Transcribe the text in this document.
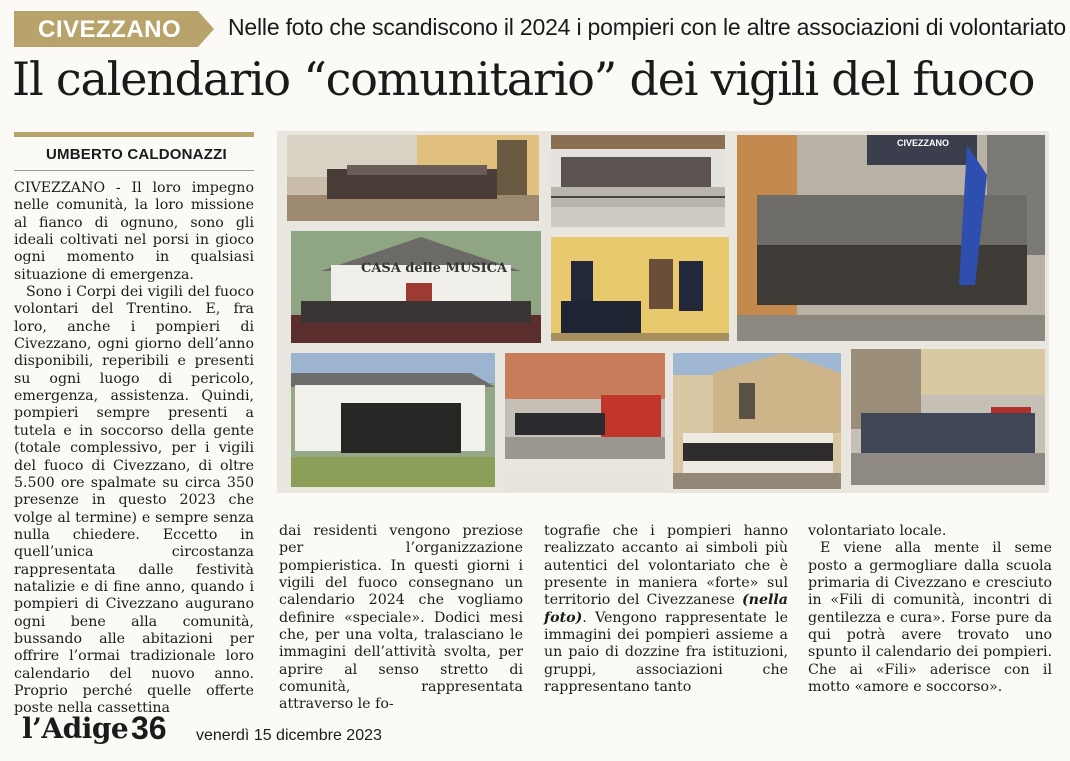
CIVEZZANO Nelle foto che scandiscono il 2024 i pompieri con le altre associazioni di volontariato
Il calendario “comunitario” dei vigili del fuoco
UMBERTO CALDONAZZI

CIVEZZANO - Il loro impegno nelle comunità, la loro missione al fianco di ognuno, sono gli ideali coltivati nel porsi in gioco ogni momento in qualsiasi situazione di emergenza.

Sono i Corpi dei vigili del fuoco volontari del Trentino. E, fra loro, anche i pompieri di Civezzano, ogni giorno dell’anno disponibili, reperibili e presenti su ogni luogo di pericolo, emergenza, assistenza. Quindi, pompieri sempre presenti a tutela e in soccorso della gente (totale complessivo, per i vigili del fuoco di Civezzano, di oltre 5.500 ore spalmate su circa 350 presenze in questo 2023 che volge al termine) e sempre senza nulla chiedere. Eccetto in quell’unica circostanza rappresentata dalle festività natalizie e di fine anno, quando i pompieri di Civezzano augurano ogni bene alla comunità, bussando alle abitazioni per offrire l’ormai tradizionale loro calendario del nuovo anno. Proprio perché quelle offerte poste nella cassettina

CIVEZZANO
CASA delle MUSICA

dai residenti vengono preziose per l’organizzazione pompieristica. In questi giorni i vigili del fuoco consegnano un calendario 2024 che vogliamo definire «speciale». Dodici mesi che, per una volta, tralasciano le immagini dell’attività svolta, per aprire al senso stretto di comunità, rappresentata attraverso le fo-

tografie che i pompieri hanno realizzato accanto ai simboli più autentici del volontariato che è presente in maniera «forte» sul territorio del Civezzanese (nella foto). Vengono rappresentate le immagini dei pompieri assieme a un paio di dozzine fra istituzioni, gruppi, associazioni che rappresentano tanto

volontariato locale.

E viene alla mente il seme posto a germogliare dalla scuola primaria di Civezzano e cresciuto in «Fili di comunità, incontri di gentilezza e cura». Forse pure da qui potrà avere trovato uno spunto il calendario dei pompieri. Che ai «Fili» aderisce con il motto «amore e soccorso».

l’Adige 36 venerdì 15 dicembre 2023
